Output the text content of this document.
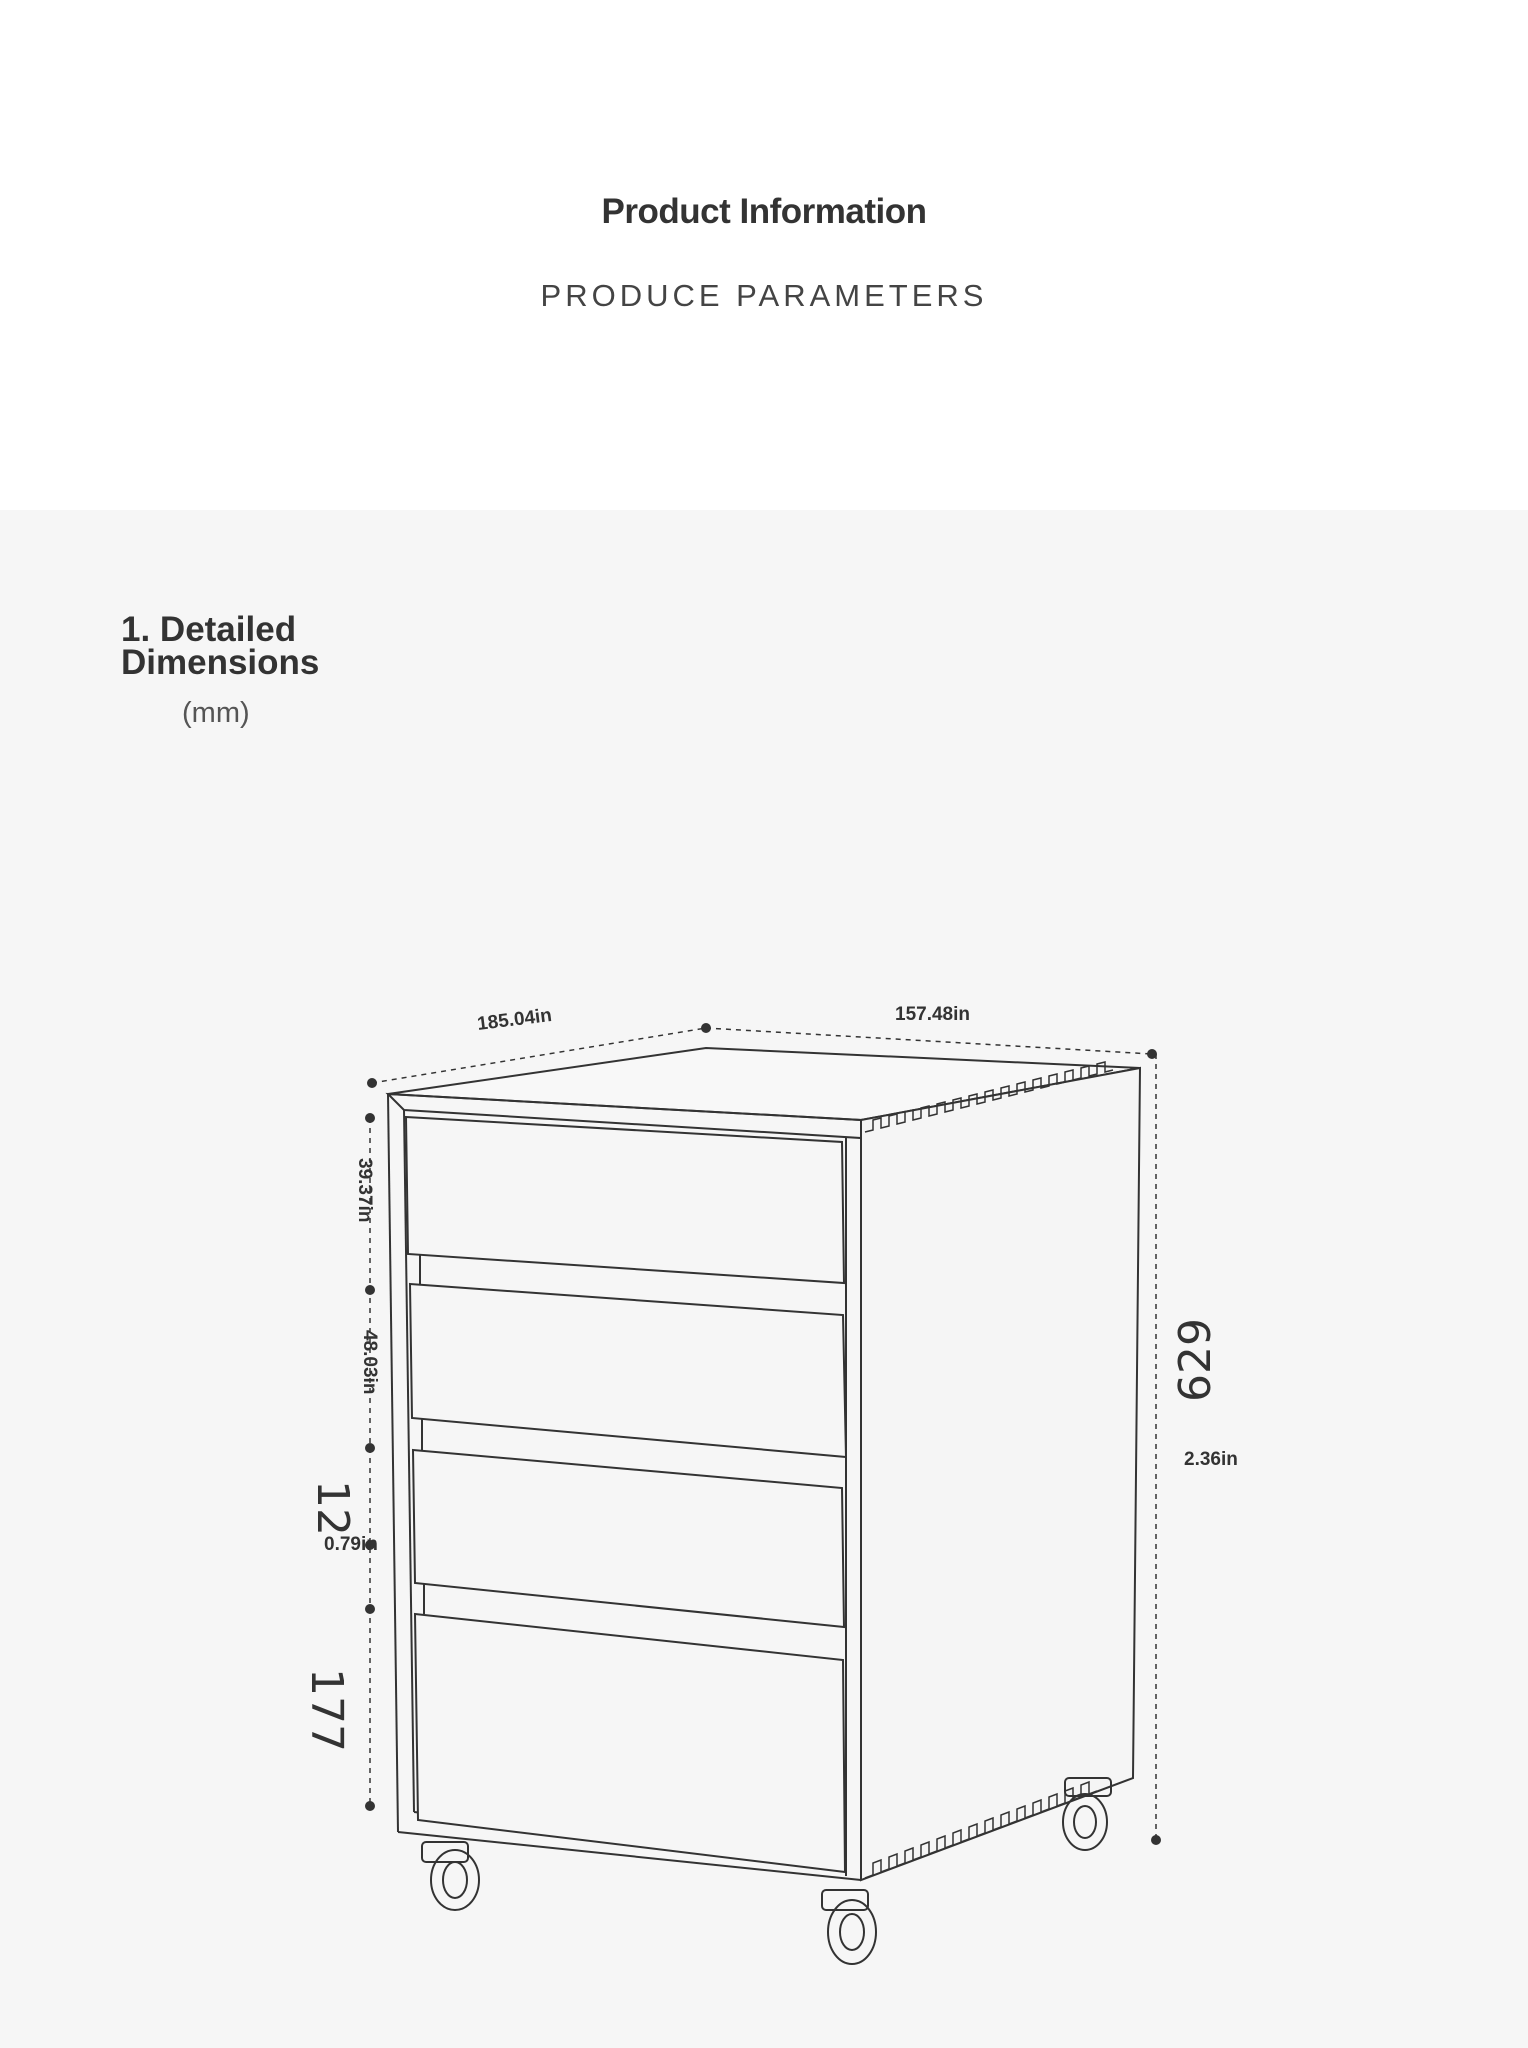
Product Information
PRODUCE PARAMETERS
1. Detailed
Dimensions
(mm)
185.04in	157.48in
39.37in
48.03in
12
0.79in
177
629
2.36in
